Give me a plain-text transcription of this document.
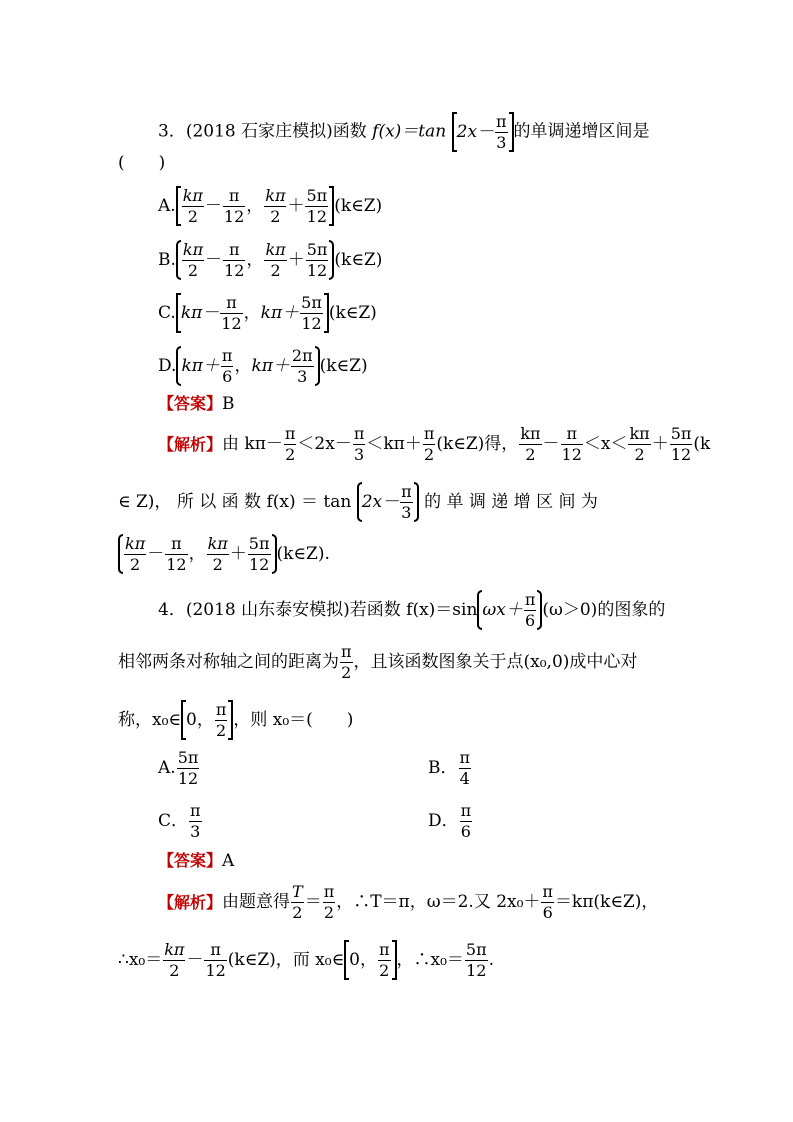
3．(2018 石家庄模拟)函数 f(x)＝tan $2x- \frac{\pi}{3}$ 的单调递增区间是
(　　)
A. $\frac{k\pi}{2} - \frac{\pi}{12}$ ， $\frac{k\pi}{2} + \frac{5\pi}{12}$ (k∈Z)
B. $\frac{k\pi}{2} - \frac{\pi}{12}$ ， $\frac{k\pi}{2} + \frac{5\pi}{12}$ (k∈Z)
C. $k\pi- \frac{\pi}{12}$ ，$k\pi+ \frac{5\pi}{12}$ (k∈Z)
D. $k\pi+ \frac{\pi}{6}$ ，$k\pi+ \frac{2\pi}{3}$ (k∈Z)
【答案】B
【解析】由 $k\pi- \frac{\pi}{2} <2x- \frac{\pi}{3} <k\pi+ \frac{\pi}{2}$ (k∈Z)得， $\frac{k\pi}{2} - \frac{\pi}{12} <x< \frac{k\pi}{2} + \frac{5\pi}{12} (k$
∈ Z)， 所 以 函 数 $f(x) = \tan 2x- \frac{\pi}{3}$ 的 单 调 递 增 区 间 为
$\frac{k\pi}{2} - \frac{\pi}{12}$ ， $\frac{k\pi}{2} + \frac{5\pi}{12}$ (k∈Z).
4．(2018 山东泰安模拟)若函数 f(x)＝sin $\omega x+ \frac{\pi}{6} (\omega>0)$的图象的
相邻两条对称轴之间的距离为 $\frac{\pi}{2}$ ，且该函数图象关于点(x₀,0)成中心对
称，x₀∈ 0， $\frac{\pi}{2}$ ，则 x₀＝(　　)
A. $\frac{5\pi}{12}$	B． $\frac{\pi}{4}$
C． $\frac{\pi}{3}$	D． $\frac{\pi}{6}$
【答案】A
【解析】由题意得 $\frac{T}{2} = \frac{\pi}{2}$ ，∴T＝π，ω＝2.又 $2x_0+ \frac{\pi}{6}$ ＝kπ(k∈Z)，
∴x₀＝ $\frac{k\pi}{2} - \frac{\pi}{12}$ (k∈Z)，而 x₀∈ 0， $\frac{\pi}{2}$ ，∴x₀＝ $\frac{5\pi}{12}$ .
